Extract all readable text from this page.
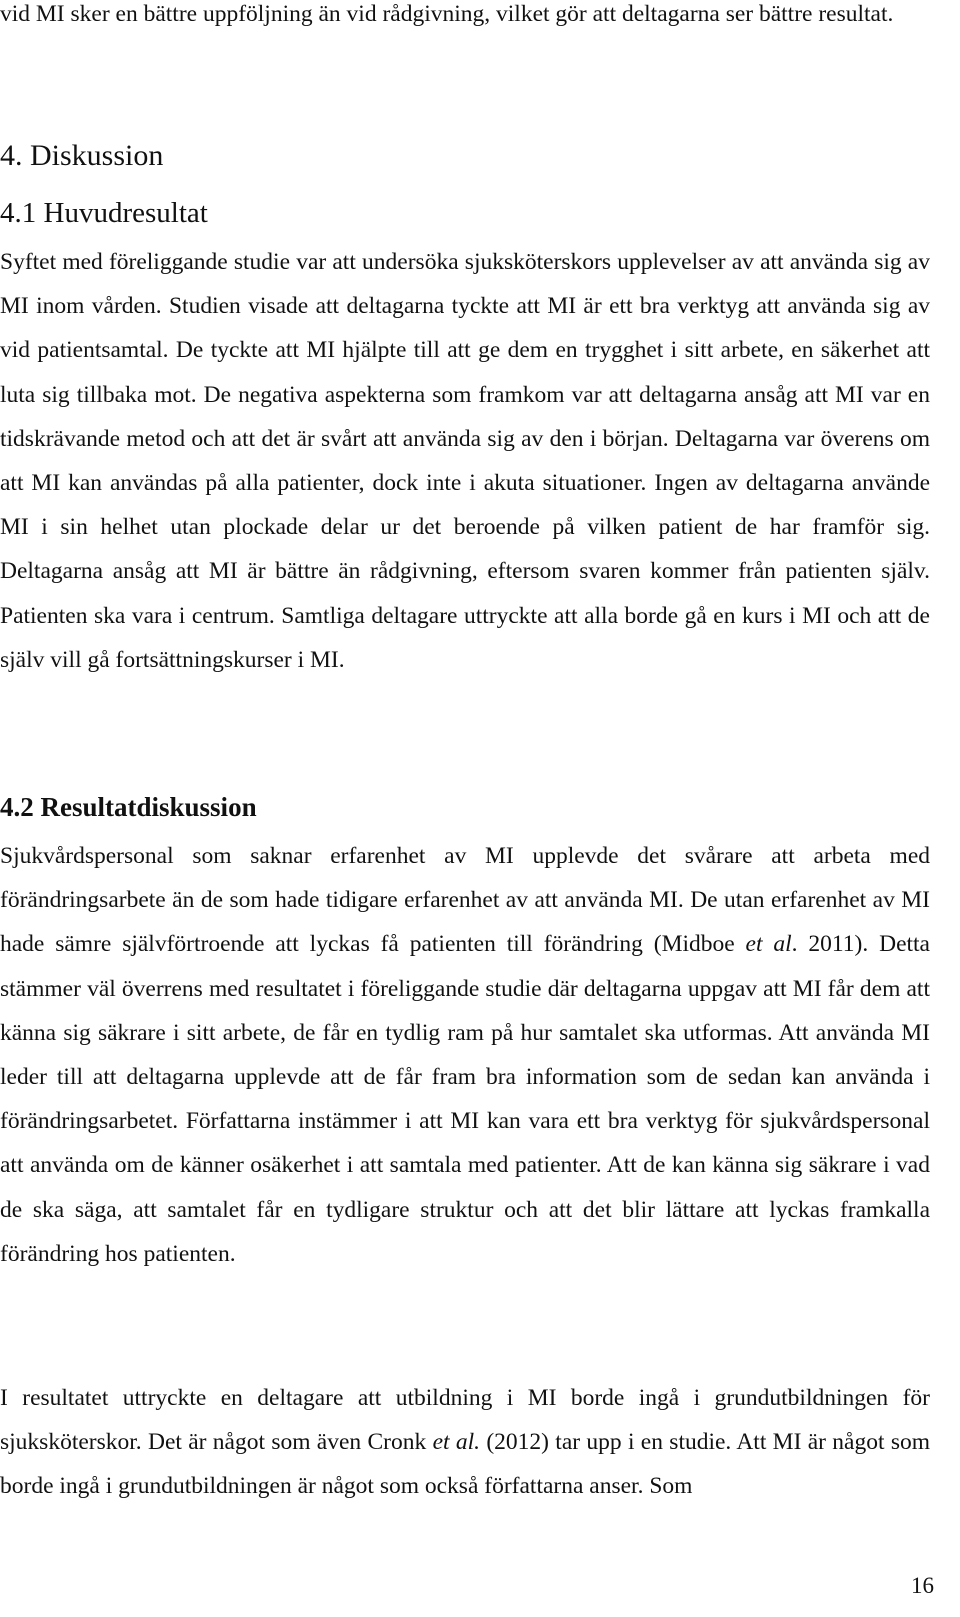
vid MI sker en bättre uppföljning än vid rådgivning, vilket gör att deltagarna ser bättre resultat.

4. Diskussion
4.1 Huvudresultat

Syftet med föreliggande studie var att undersöka sjuksköterskors upplevelser av att använda sig av MI inom vården. Studien visade att deltagarna tyckte att MI är ett bra verktyg att använda sig av vid patientsamtal. De tyckte att MI hjälpte till att ge dem en trygghet i sitt arbete, en säkerhet att luta sig tillbaka mot. De negativa aspekterna som framkom var att deltagarna ansåg att MI var en tidskrävande metod och att det är svårt att använda sig av den i början. Deltagarna var överens om att MI kan användas på alla patienter, dock inte i akuta situationer. Ingen av deltagarna använde MI i sin helhet utan plockade delar ur det beroende på vilken patient de har framför sig. Deltagarna ansåg att MI är bättre än rådgivning, eftersom svaren kommer från patienten själv. Patienten ska vara i centrum. Samtliga deltagare uttryckte att alla borde gå en kurs i MI och att de själv vill gå fortsättningskurser i MI.

4.2 Resultatdiskussion

Sjukvårdspersonal som saknar erfarenhet av MI upplevde det svårare att arbeta med förändringsarbete än de som hade tidigare erfarenhet av att använda MI. De utan erfarenhet av MI hade sämre självförtroende att lyckas få patienten till förändring (Midboe et al. 2011). Detta stämmer väl överrens med resultatet i föreliggande studie där deltagarna uppgav att MI får dem att känna sig säkrare i sitt arbete, de får en tydlig ram på hur samtalet ska utformas. Att använda MI leder till att deltagarna upplevde att de får fram bra information som de sedan kan använda i förändringsarbetet. Författarna instämmer i att MI kan vara ett bra verktyg för sjukvårdspersonal att använda om de känner osäkerhet i att samtala med patienter. Att de kan känna sig säkrare i vad de ska säga, att samtalet får en tydligare struktur och att det blir lättare att lyckas framkalla förändring hos patienten.

I resultatet uttryckte en deltagare att utbildning i MI borde ingå i grundutbildningen för sjuksköterskor. Det är något som även Cronk et al. (2012) tar upp i en studie. Att MI är något som borde ingå i grundutbildningen är något som också författarna anser. Som

16
